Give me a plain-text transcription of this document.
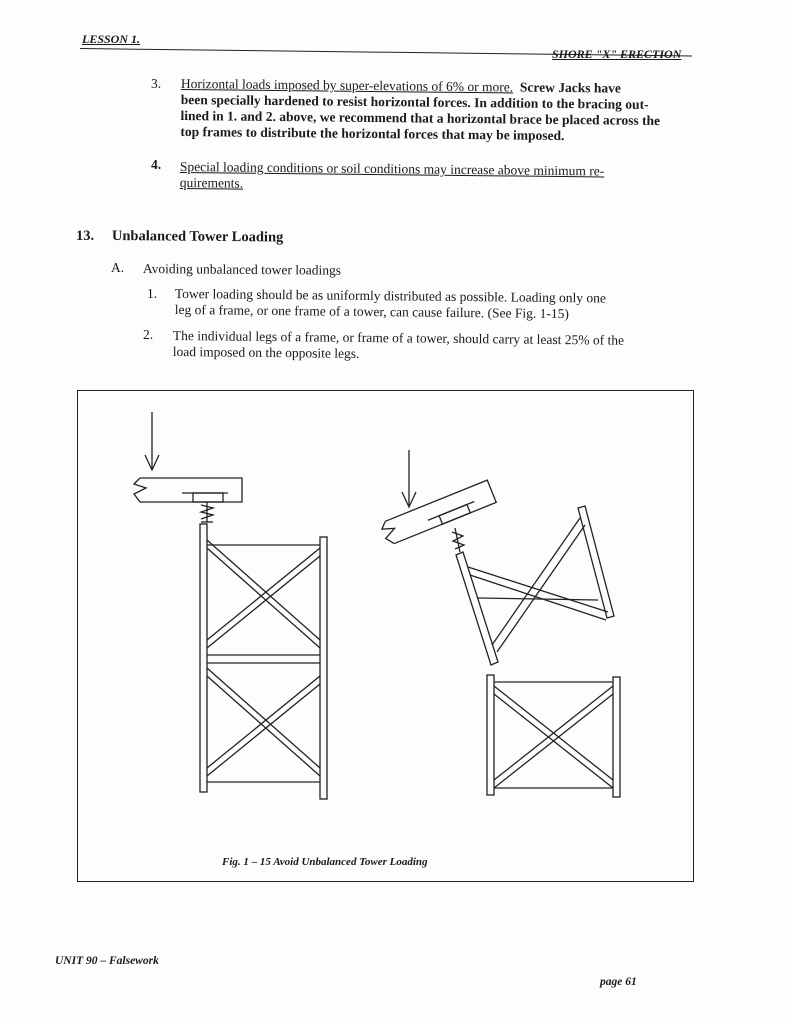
LESSON 1.
SHORE "X" ERECTION
3. Horizontal loads imposed by super-elevations of 6% or more. Screw Jacks have
been specially hardened to resist horizontal forces. In addition to the bracing out-
lined in 1. and 2. above, we recommend that a horizontal brace be placed across the
top frames to distribute the horizontal forces that may be imposed.
4. Special loading conditions or soil conditions may increase above minimum re-
quirements.
13. Unbalanced Tower Loading
A. Avoiding unbalanced tower loadings
1. Tower loading should be as uniformly distributed as possible. Loading only one
leg of a frame, or one frame of a tower, can cause failure. (See Fig. 1-15)
2. The individual legs of a frame, or frame of a tower, should carry at least 25% of the
load imposed on the opposite legs.
Fig. 1 – 15 Avoid Unbalanced Tower Loading
UNIT 90 – Falsework
page 61
